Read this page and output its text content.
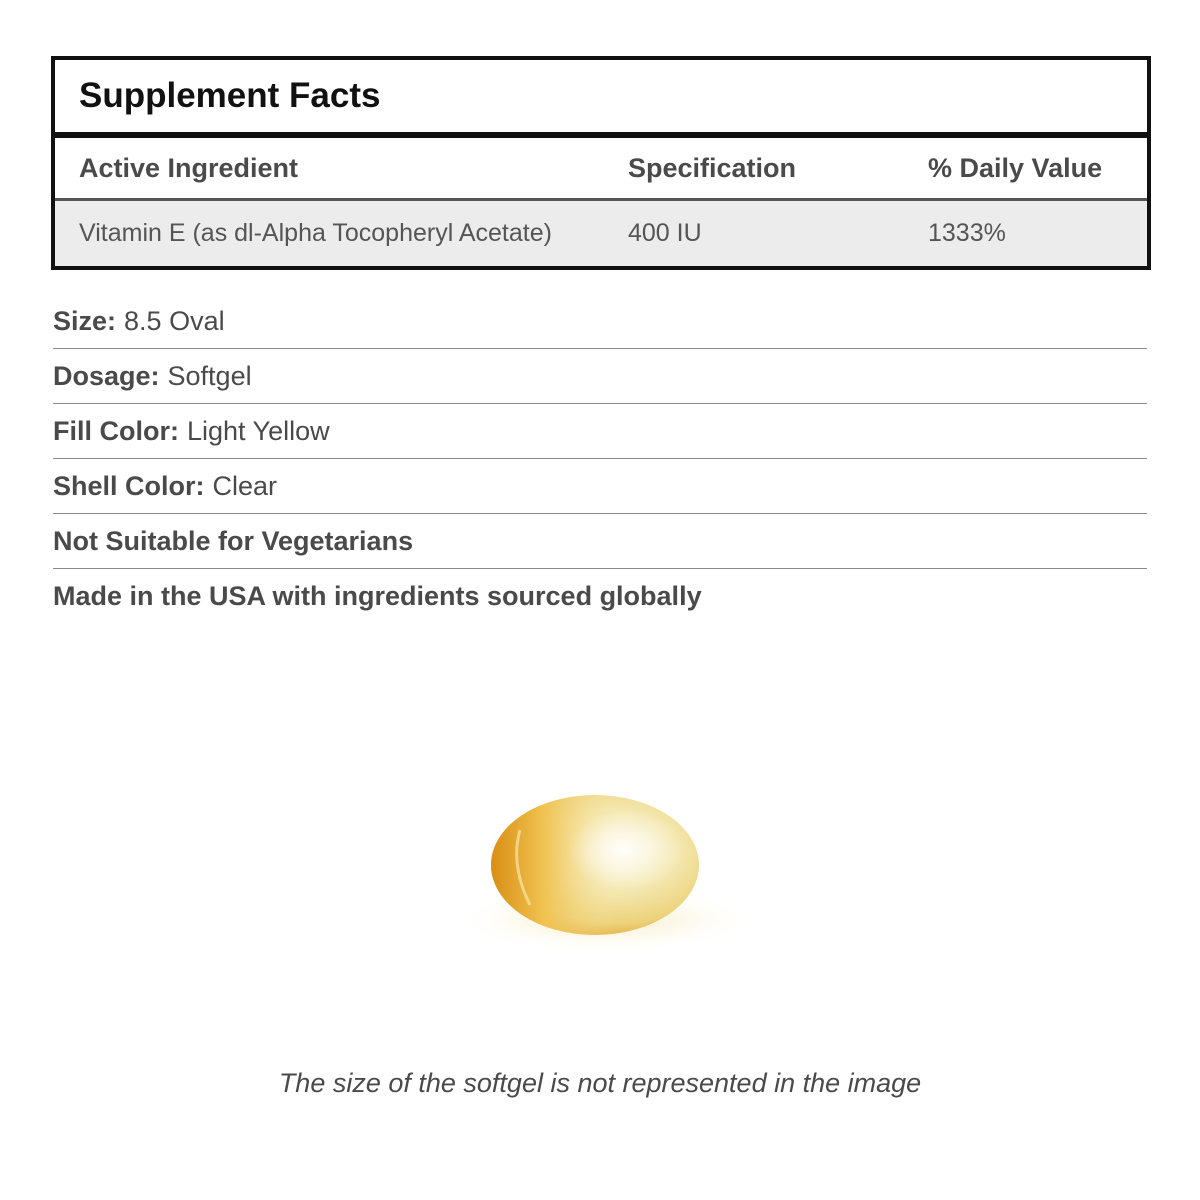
Supplement Facts
Active Ingredient	Specification	% Daily Value
Vitamin E (as dl-Alpha Tocopheryl Acetate)	400 IU	1333%
Size: 8.5 Oval
Dosage: Softgel
Fill Color: Light Yellow
Shell Color: Clear
Not Suitable for Vegetarians
Made in the USA with ingredients sourced globally
The size of the softgel is not represented in the image
